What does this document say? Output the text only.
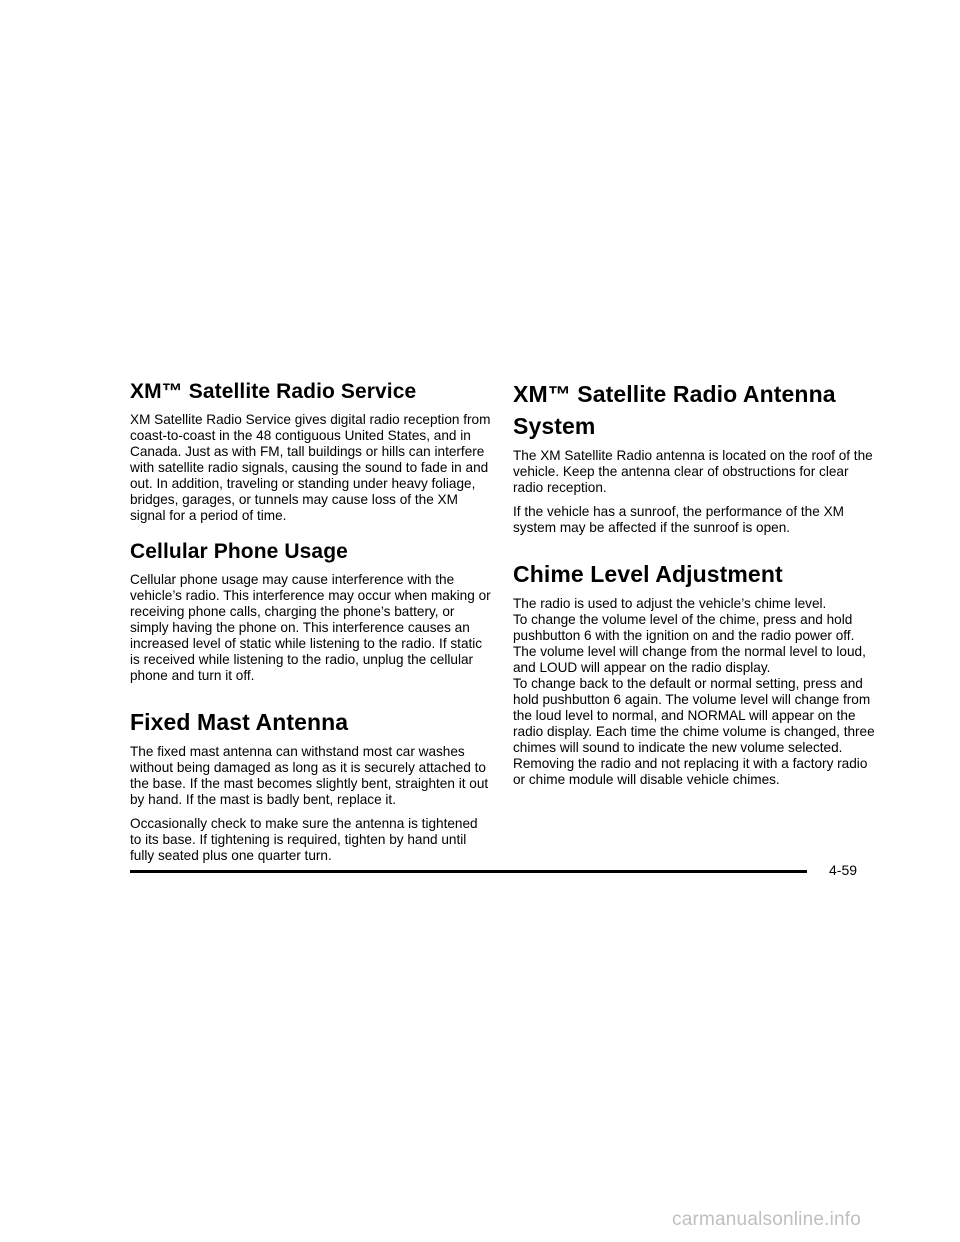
XM™ Satellite Radio Service

XM Satellite Radio Service gives digital radio reception from coast-to-coast in the 48 contiguous United States, and in Canada. Just as with FM, tall buildings or hills can interfere with satellite radio signals, causing the sound to fade in and out. In addition, traveling or standing under heavy foliage, bridges, garages, or tunnels may cause loss of the XM signal for a period of time.

Cellular Phone Usage

Cellular phone usage may cause interference with the vehicle’s radio. This interference may occur when making or receiving phone calls, charging the phone’s battery, or simply having the phone on. This interference causes an increased level of static while listening to the radio. If static is received while listening to the radio, unplug the cellular phone and turn it off.

Fixed Mast Antenna

The fixed mast antenna can withstand most car washes without being damaged as long as it is securely attached to the base. If the mast becomes slightly bent, straighten it out by hand. If the mast is badly bent, replace it.

Occasionally check to make sure the antenna is tightened to its base. If tightening is required, tighten by hand until fully seated plus one quarter turn.

XM™ Satellite Radio Antenna System

The XM Satellite Radio antenna is located on the roof of the vehicle. Keep the antenna clear of obstructions for clear radio reception.

If the vehicle has a sunroof, the performance of the XM system may be affected if the sunroof is open.

Chime Level Adjustment

The radio is used to adjust the vehicle’s chime level.

To change the volume level of the chime, press and hold pushbutton 6 with the ignition on and the radio power off. The volume level will change from the normal level to loud, and LOUD will appear on the radio display.

To change back to the default or normal setting, press and hold pushbutton 6 again. The volume level will change from the loud level to normal, and NORMAL will appear on the radio display. Each time the chime volume is changed, three chimes will sound to indicate the new volume selected. Removing the radio and not replacing it with a factory radio or chime module will disable vehicle chimes.

4-59
carmanualsonline.info
